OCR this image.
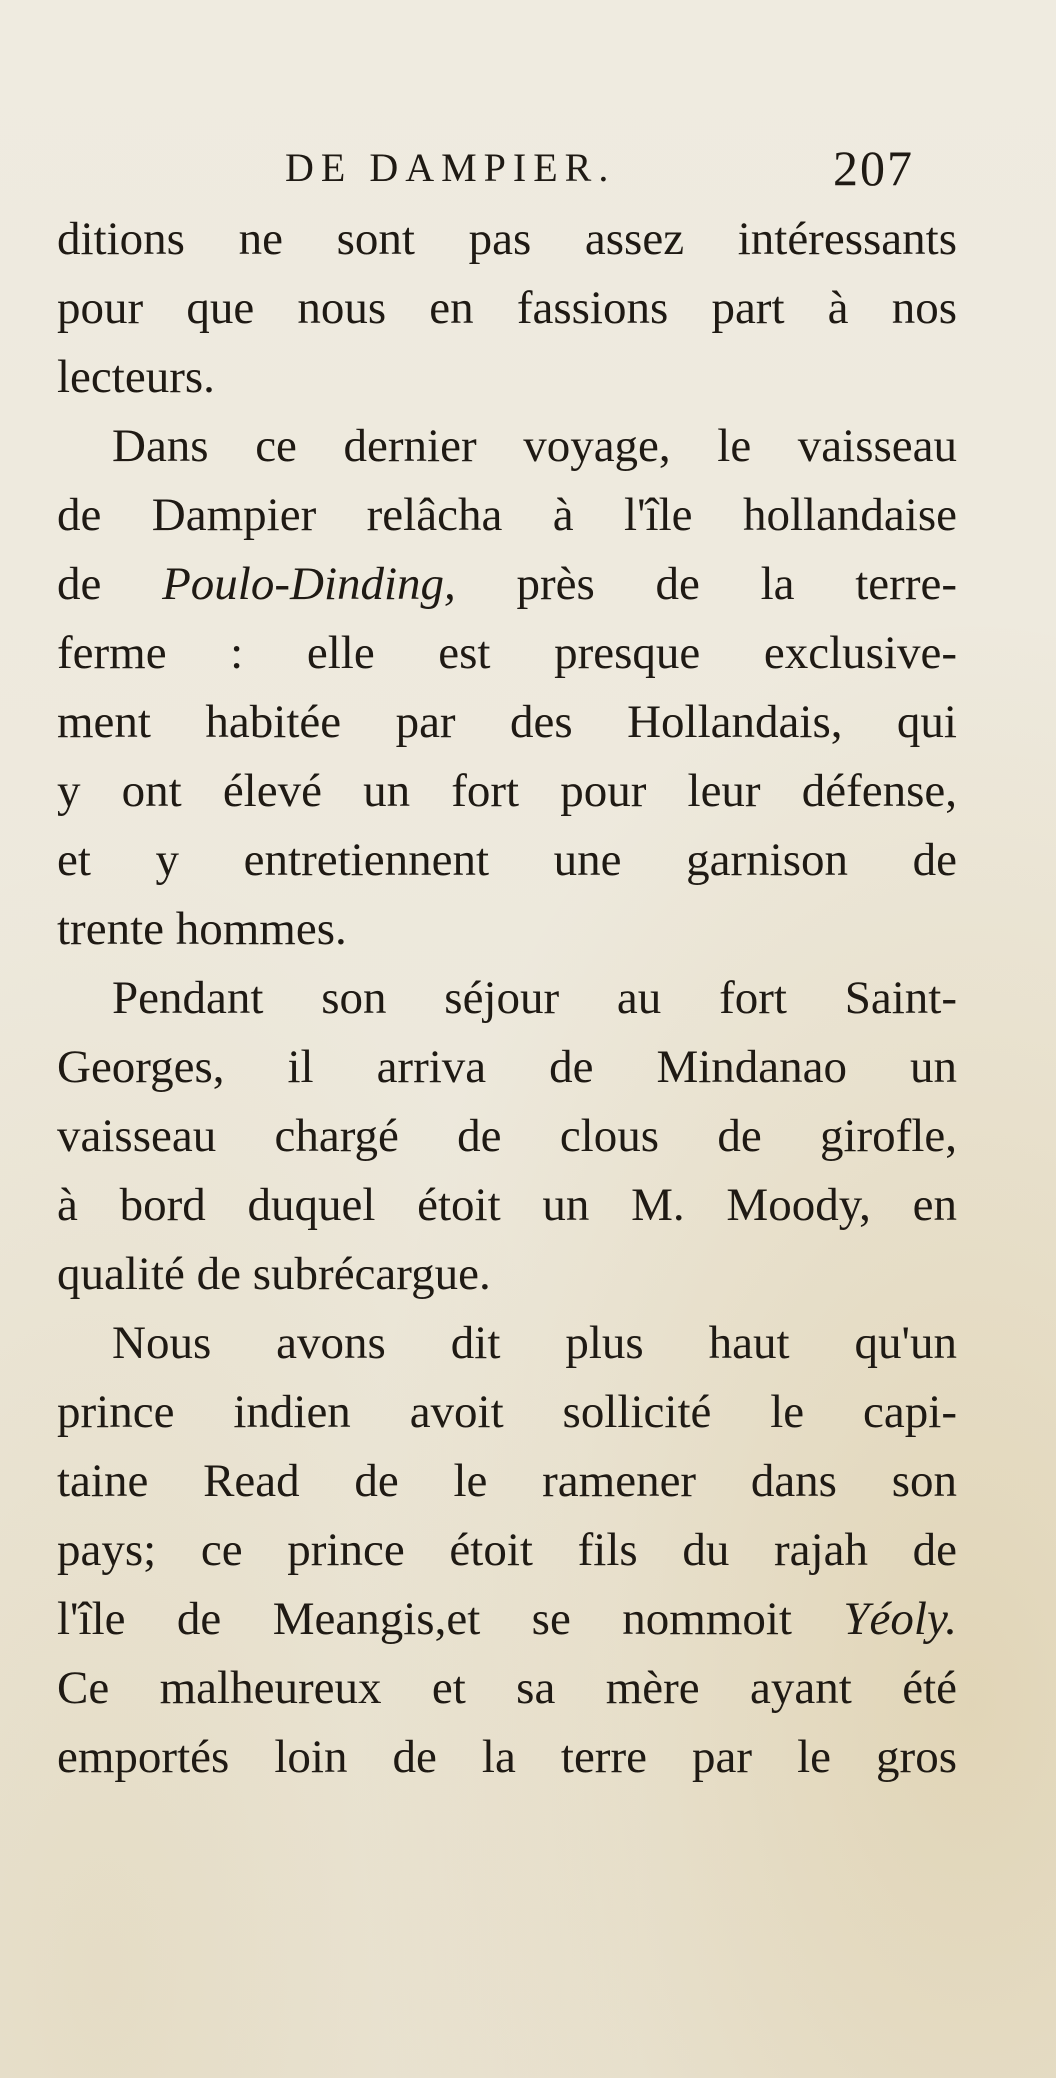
DE DAMPIER.	207

ditions ne sont pas assez intéressants

pour que nous en fassions part à nos

lecteurs.

Dans ce dernier voyage, le vaisseau

de Dampier relâcha à l'île hollandaise

de Poulo-Dinding, près de la terre-

ferme : elle est presque exclusive-

ment habitée par des Hollandais, qui

y ont élevé un fort pour leur défense,

et y entretiennent une garnison de

trente hommes.

Pendant son séjour au fort Saint-

Georges, il arriva de Mindanao un

vaisseau chargé de clous de girofle,

à bord duquel étoit un M. Moody, en

qualité de subrécargue.

Nous avons dit plus haut qu'un

prince indien avoit sollicité le capi-

taine Read de le ramener dans son

pays; ce prince étoit fils du rajah de

l'île de Meangis,et se nommoit Yéoly.

Ce malheureux et sa mère ayant été

emportés loin de la terre par le gros
